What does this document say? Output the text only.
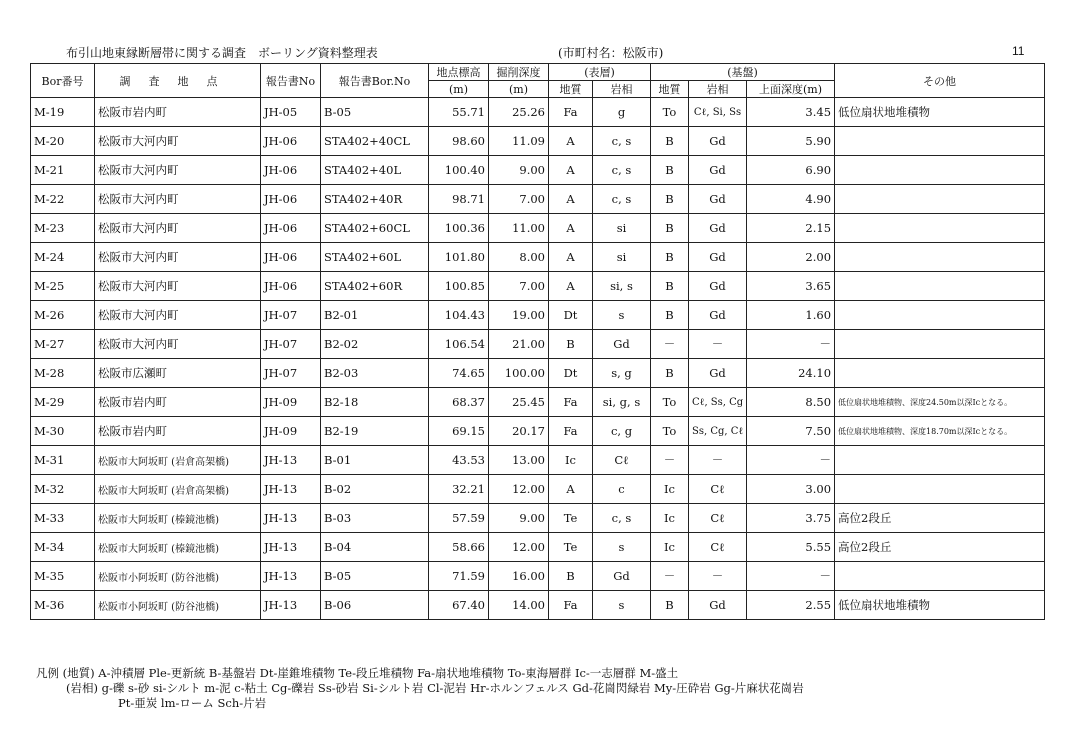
布引山地東縁断層帯に関する調査　ボーリング資料整理表	(市町村名：松阪市)	11
Bor番号	調査地点	報告書No	報告書Bor.No	地点標高	掘削深度	(表層)		(基盤)			その他
				(m)	(m)	地質	岩相	地質	岩相	上面深度(m)	
M-19	松阪市岩内町	JH-05	B-05	55.71	25.26	Fa	g	To	Cℓ, Si, Ss	3.45	低位扇状地堆積物
M-20	松阪市大河内町	JH-06	STA402+40CL	98.60	11.09	A	c, s	B	Gd	5.90	
M-21	松阪市大河内町	JH-06	STA402+40L	100.40	9.00	A	c, s	B	Gd	6.90	
M-22	松阪市大河内町	JH-06	STA402+40R	98.71	7.00	A	c, s	B	Gd	4.90	
M-23	松阪市大河内町	JH-06	STA402+60CL	100.36	11.00	A	si	B	Gd	2.15	
M-24	松阪市大河内町	JH-06	STA402+60L	101.80	8.00	A	si	B	Gd	2.00	
M-25	松阪市大河内町	JH-06	STA402+60R	100.85	7.00	A	si, s	B	Gd	3.65	
M-26	松阪市大河内町	JH-07	B2-01	104.43	19.00	Dt	s	B	Gd	1.60	
M-27	松阪市大河内町	JH-07	B2-02	106.54	21.00	B	Gd	－	－	－	
M-28	松阪市広瀬町	JH-07	B2-03	74.65	100.00	Dt	s, g	B	Gd	24.10	
M-29	松阪市岩内町	JH-09	B2-18	68.37	25.45	Fa	si, g, s	To	Cℓ, Ss, Cg	8.50	低位扇状地堆積物、深度24.50m以深Icとなる。
M-30	松阪市岩内町	JH-09	B2-19	69.15	20.17	Fa	c, g	To	Ss, Cg, Cℓ	7.50	低位扇状地堆積物、深度18.70m以深Icとなる。
M-31	松阪市大阿坂町 (岩倉高架橋)	JH-13	B-01	43.53	13.00	Ic	Cℓ	－	－	－	
M-32	松阪市大阿坂町 (岩倉高架橋)	JH-13	B-02	32.21	12.00	A	c	Ic	Cℓ	3.00	
M-33	松阪市大阿坂町 (榛鏡池橋)	JH-13	B-03	57.59	9.00	Te	c, s	Ic	Cℓ	3.75	高位2段丘
M-34	松阪市大阿坂町 (榛鏡池橋)	JH-13	B-04	58.66	12.00	Te	s	Ic	Cℓ	5.55	高位2段丘
M-35	松阪市小阿坂町 (防谷池橋)	JH-13	B-05	71.59	16.00	B	Gd	－	－	－	
M-36	松阪市小阿坂町 (防谷池橋)	JH-13	B-06	67.40	14.00	Fa	s	B	Gd	2.55	低位扇状地堆積物
凡例 (地質) A-沖積層 Ple-更新統 B-基盤岩 Dt-崖錐堆積物 Te-段丘堆積物 Fa-扇状地堆積物 To-東海層群 Ic-一志層群 M-盛土
(岩相) g-礫 s-砂 si-シルト m-泥 c-粘土 Cg-礫岩 Ss-砂岩 Si-シルト岩 Cl-泥岩 Hr-ホルンフェルス Gd-花崗閃緑岩 My-圧砕岩 Gg-片麻状花崗岩
Pt-亜炭 lm-ローム Sch-片岩
